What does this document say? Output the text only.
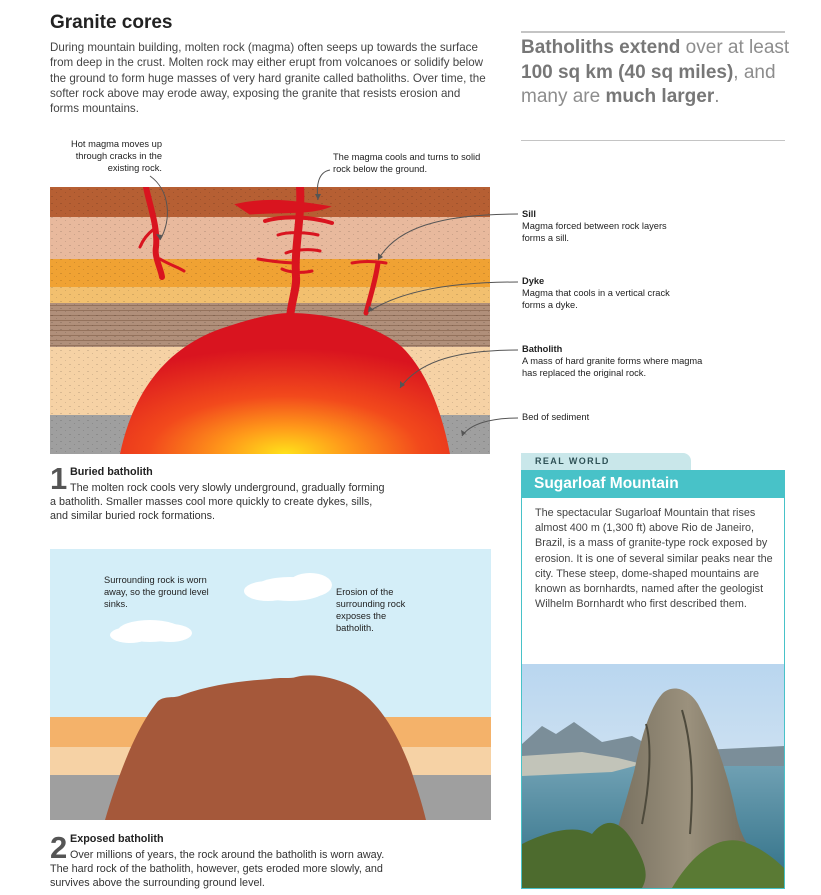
Granite cores
During mountain building, molten rock (magma) often seeps up towards the surface from deep in the crust. Molten rock may either erupt from volcanoes or solidify below the ground to form huge masses of very hard granite called batholiths. Over time, the softer rock above may erode away, exposing the granite that resists erosion and forms mountains.
Batholiths extend over at least 100 sq km (40 sq miles), and many are much larger.
Hot magma moves up through cracks in the existing rock.
The magma cools and turns to solid rock below the ground.
Sill
Magma forced between rock layers forms a sill.
Dyke
Magma that cools in a vertical crack forms a dyke.
Batholith
A mass of hard granite forms where magma has replaced the original rock.
Bed of sediment
1 Buried batholith
The molten rock cools very slowly underground, gradually forming a batholith. Smaller masses cool more quickly to create dykes, sills, and similar buried rock formations.
Surrounding rock is worn away, so the ground level sinks.
Erosion of the surrounding rock exposes the batholith.
2 Exposed batholith
Over millions of years, the rock around the batholith is worn away. The hard rock of the batholith, however, gets eroded more slowly, and survives above the surrounding ground level.
REAL WORLD
Sugarloaf Mountain
The spectacular Sugarloaf Mountain that rises almost 400 m (1,300 ft) above Rio de Janeiro, Brazil, is a mass of granite-type rock exposed by erosion. It is one of several similar peaks near the city. These steep, dome-shaped mountains are known as bornhardts, named after the geologist Wilhelm Bornhardt who first described them.
